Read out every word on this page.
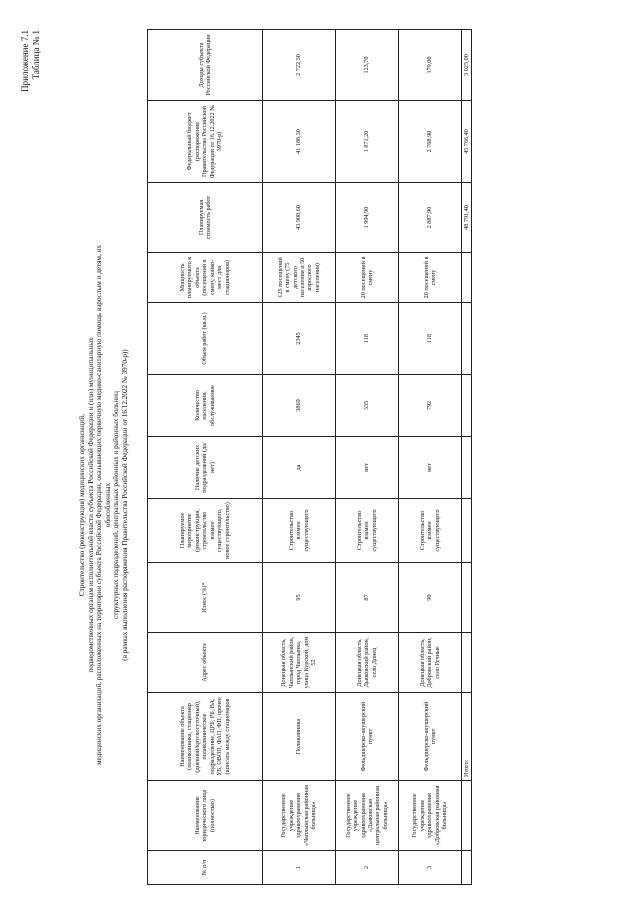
Приложение 7.1 Таблица № 1
Строительство (реконструкция) медицинских организаций, подведомственных органам исполнительной власти субъекта Российской Федерации и (или) муниципальных медицинских организаций, расположенных на территории субъекта Российской Федерации, оказывающих первичную медико-санитарную помощь взрослым и детям, их обособленных структурных подразделений, центральных районных и районных больниц (в рамках выполнения распоряжения Правительства Российской Федерации от 16.12.2022 № 3970-р))
№ п/п	Наименование юридического лица (полностью)	Наименование объекта (поликлиника, стационар (дневной/круглосуточный), поликлиническое подразделение, ЦРБ, РБ, ВА, УБ, ОВОП, ФАП, ФП, прочее (вписать между стационаров	Адрес объекта	Износ (%)*	Планируемое мероприятие (реконструкция, строительство взамен существующего, новое строительство)	Наличие детских подразделений (да/нет)	Количество населения, обслуживаемое	Объем работ (кв.м.)	Мощность планируемого к объекта (посещений в смену, койко-мест для стационаров)	Планируемая стоимость работ	Федеральный бюджет (распоряжение Правительства Российской Федерации от 16.12.2022 № 3970-р)	Доходы субъекта Российской Федерации
1	Государственное учреждение здравоохранения «Чаплынская районная больница»	Поликлиника	Донецкая область, Чаплынский район, город Чаплынка, улица Курской, дом 52	95	Строительство взамен существующего	да	3869	2345	125 посещений в смену (75 детского населения и 50 взрослого населения)	43 908,60	41 186,30	2 722,30
2	Государственное учреждение здравоохранения «Дьяковская центральная районная больница»	Фельдшерско-акушерский пункт	Донецкая область, Дьяковский район, село Донец	87	Строительство взамен существующего	нет	335	118	20 посещений в смену	1 994,90	1 871,20	123,70
3	Государственное учреждение здравоохранения «Добровская районная больница»	Фельдшерско-акушерский пункт	Донецкая область, Добровский район, село Речные	90	Строительство взамен существующего	нет	792	118	20 посещений в смену	2 887,90	2 708,90	179,00
		Итого:								48 791,40	45 766,40	3 025,00
